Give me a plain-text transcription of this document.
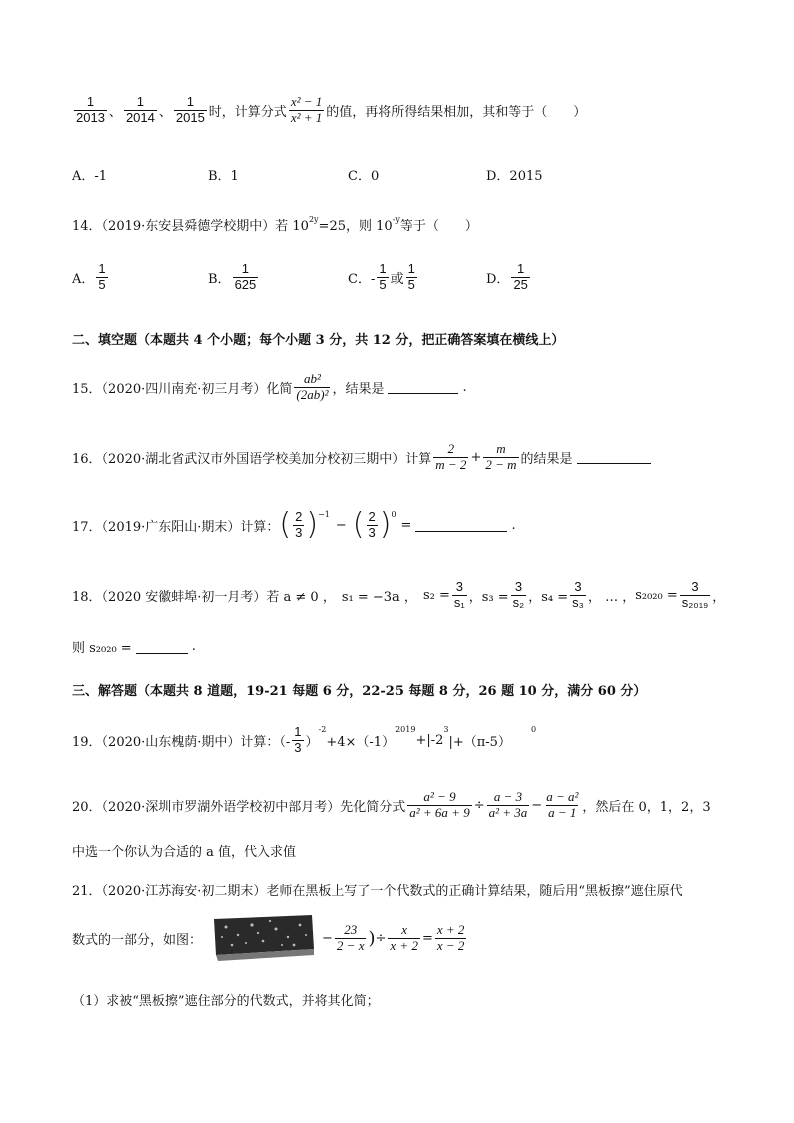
$\frac{1}{2013}$ 、 $\frac{1}{2014}$ 、 $\frac{1}{2015}$ 时，计算分式 $\frac{\text{x² − 1}}{\text{x² + 1}}$ 的值，再将所得结果相加，其和等于（　　）
A．-1	B．1	C．0	D．2015
14．（2019·东安县舜德学校期中）若 $10^{2y} =25$，则 $10^{-y}$ 等于（　　）
A． $\frac{1}{5}$	B． $\frac{1}{625}$	C．- $\frac{1}{5}$ 或 $\frac{1}{5}$	D． $\frac{1}{25}$
二、填空题（本题共 4 个小题；每个小题 3 分，共 12 分，把正确答案填在横线上）
15．（2020·四川南充·初三月考）化简 $\frac{\text{ab²}}{\text{(2ab)²}}$ ，结果是	.
16．（2020·湖北省武汉市外国语学校美加分校初三期中）计算 $\frac{2}{m - 2} + \frac{m}{2 - m}$ 的结果是
17．（2019·广东阳山·期末）计算： ( $\frac{2}{3} )^{-1}$
− ( $\frac{2}{3} )^0$
=	.
18．（2020 安徽蚌埠·初一月考）若 a ≠ 0 ， s₁ = −3a ， $s_2 = \frac{3}{\text{s₁}}$ ，$s_3 = \frac{3}{\text{s₂}}$ ，$s_4 = \frac{3}{\text{s₃}}$ ， … ， $s_{2020} = \frac{3}{\text{s₂₀₁₉}}$ ，
则 s₂₀₂₀ =	.
三、解答题（本题共 8 道题，19-21 每题 6 分，22-25 每题 8 分，26 题 10 分，满分 60 分）
19．（2020·山东槐荫·期中）计算：（- $\frac{1}{3}$ ）
$^{-2}$
+4×（-1）
$^{2019}$
+|-2
$^3$
|+（π-5）
$^0$
20．（2020·深圳市罗湖外语学校初中部月考）先化简分式 $\frac{\text{a² − 9}}{\text{a² + 6a + 9}} \div \frac{a - 3}{\text{a² + 3a}} - \frac{\text{a − a²}}{a - 1}$ ，然后在 0，1，2，3
中选一个你认为合适的 a 值，代入求值
21．（2020·江苏海安·初二期末）老师在黑板上写了一个代数式的正确计算结果，随后用“黑板擦”遮住原代
数式的一部分，如图：	− $\frac{23}{2 - x}$ ) ÷ $\frac{x}{x + 2} = \frac{x + 2}{x - 2}$
（1）求被“黑板擦”遮住部分的代数式，并将其化简；
